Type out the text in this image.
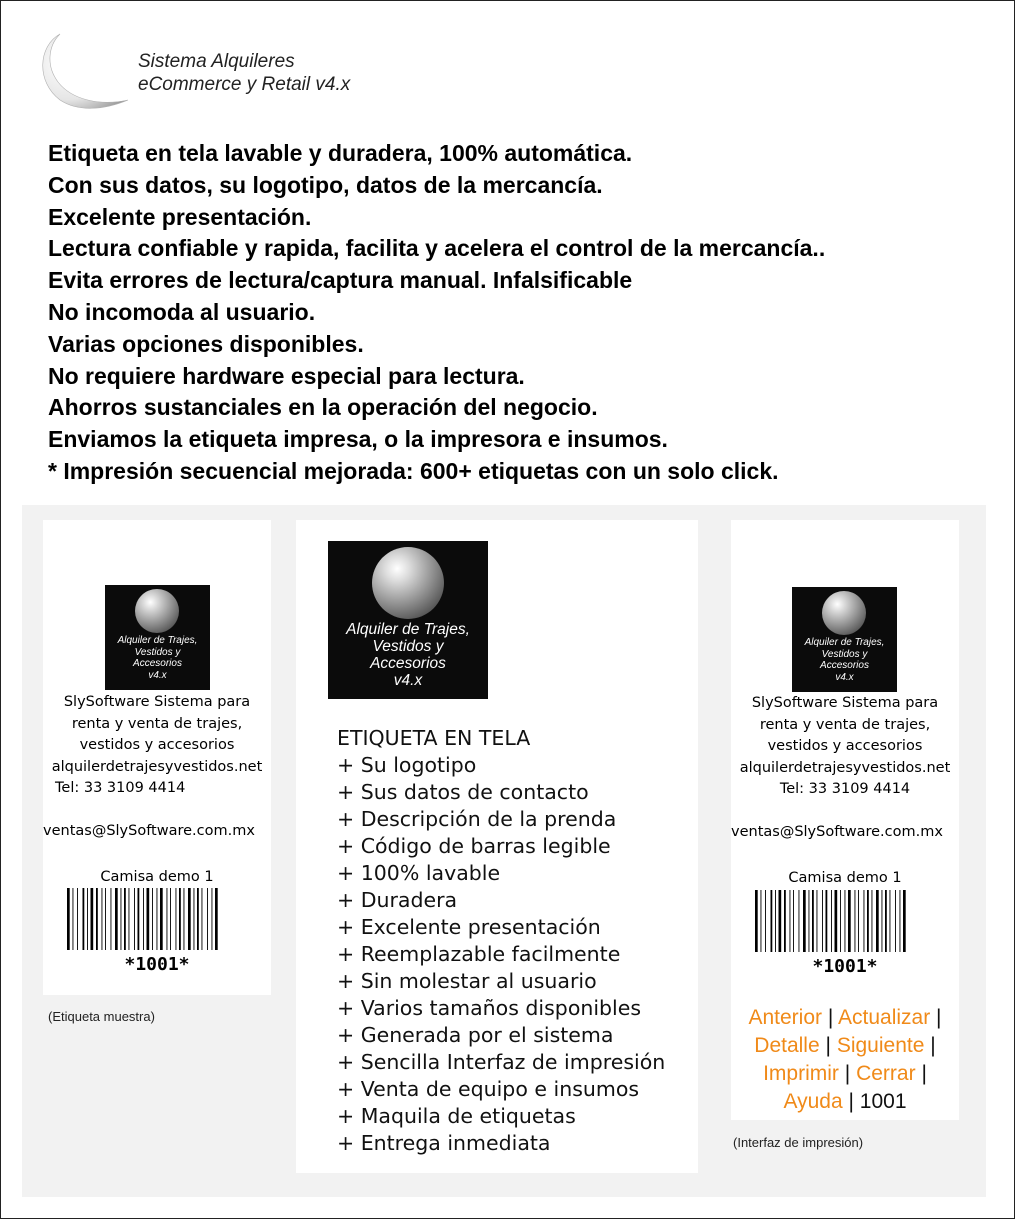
Sistema Alquileres
eCommerce y Retail v4.x
Etiqueta en tela lavable y duradera, 100% automática.
Con sus datos, su logotipo, datos de la mercancía.
Excelente presentación.
Lectura confiable y rapida, facilita y acelera el control de la mercancía..
Evita errores de lectura/captura manual. Infalsificable
No incomoda al usuario.
Varias opciones disponibles.
No requiere hardware especial para lectura.
Ahorros sustanciales en la operación del negocio.
Enviamos la etiqueta impresa, o la impresora e insumos.
* Impresión secuencial mejorada: 600+ etiquetas con un solo click.
Alquiler de Trajes,
Vestidos y
Accesorios
v4.x
SlySoftware Sistema para
renta y venta de trajes,
vestidos y accesorios
alquilerdetrajesyvestidos.net
Tel: 33 3109 4414
ventas@SlySoftware.com.mx
Camisa demo 1
*1001*
(Etiqueta muestra)
Alquiler de Trajes,
Vestidos y
Accesorios
v4.x
ETIQUETA EN TELA
+ Su logotipo
+ Sus datos de contacto
+ Descripción de la prenda
+ Código de barras legible
+ 100% lavable
+ Duradera
+ Excelente presentación
+ Reemplazable facilmente
+ Sin molestar al usuario
+ Varios tamaños disponibles
+ Generada por el sistema
+ Sencilla Interfaz de impresión
+ Venta de equipo e insumos
+ Maquila de etiquetas
+ Entrega inmediata
Alquiler de Trajes,
Vestidos y
Accesorios
v4.x
SlySoftware Sistema para
renta y venta de trajes,
vestidos y accesorios
alquilerdetrajesyvestidos.net
Tel: 33 3109 4414
ventas@SlySoftware.com.mx
Camisa demo 1
*1001*
Anterior | Actualizar |
Detalle | Siguiente |
Imprimir | Cerrar |
Ayuda | 1001
(Interfaz de impresión)
